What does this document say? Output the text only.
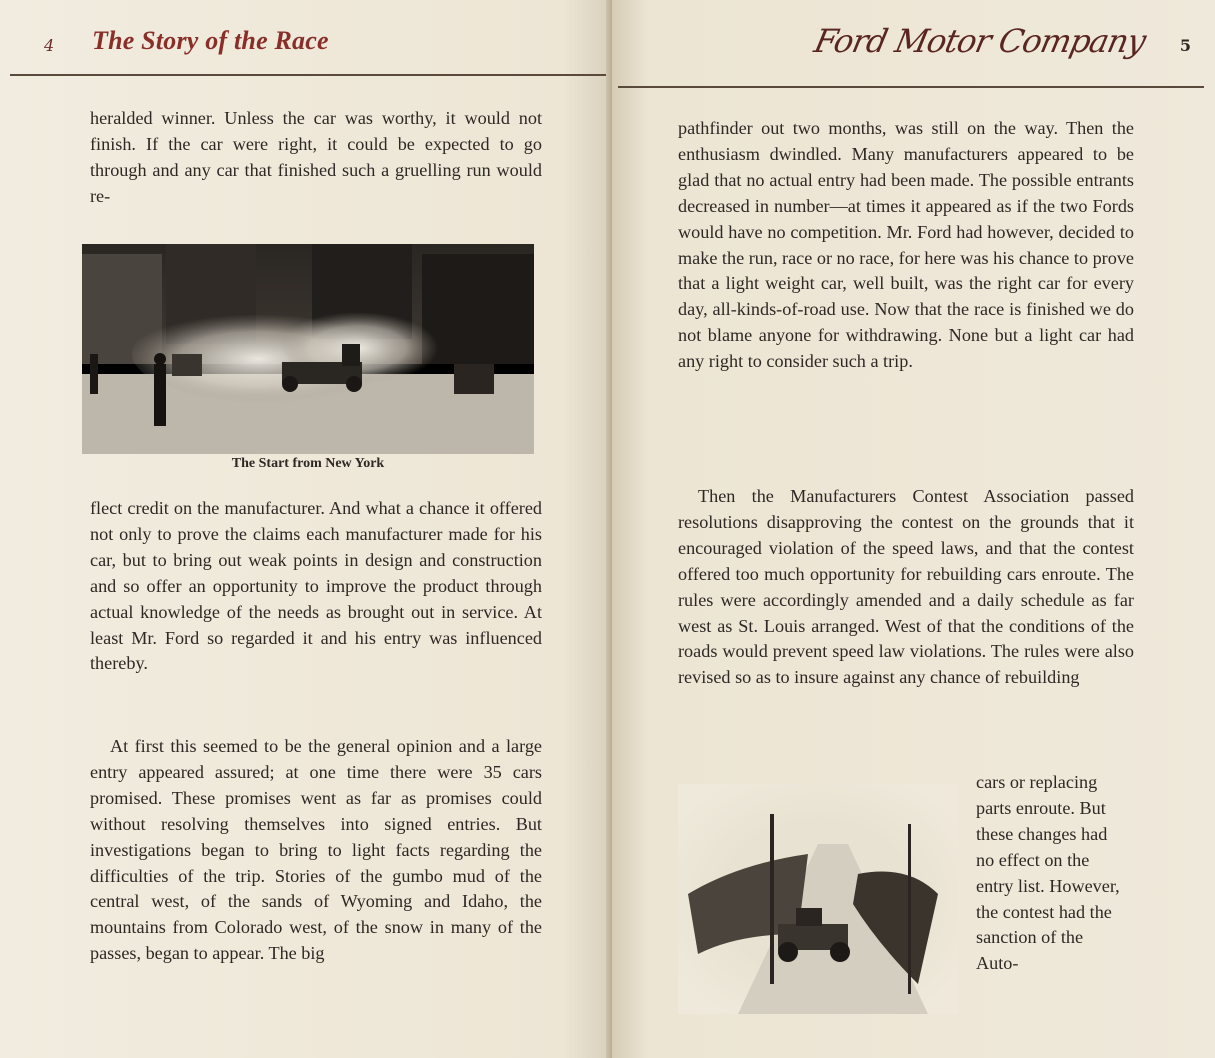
4 The Story of the Race

heralded winner. Unless the car was worthy, it would not finish. If the car were right, it could be expected to go through and any car that finished such a gruelling run would re-

The Start from New York

flect credit on the manufacturer. And what a chance it offered not only to prove the claims each manufacturer made for his car, but to bring out weak points in design and construction and so offer an opportunity to improve the product through actual knowledge of the needs as brought out in service. At least Mr. Ford so regarded it and his entry was influenced thereby.

At first this seemed to be the general opinion and a large entry appeared assured; at one time there were 35 cars promised. These promises went as far as promises could without resolving themselves into signed entries. But investigations began to bring to light facts regarding the difficulties of the trip. Stories of the gumbo mud of the central west, of the sands of Wyoming and Idaho, the mountains from Colorado west, of the snow in many of the passes, began to appear. The big

Ford Motor Company 5

pathfinder out two months, was still on the way. Then the enthusiasm dwindled. Many manufacturers appeared to be glad that no actual entry had been made. The possible entrants decreased in number—at times it appeared as if the two Fords would have no competition. Mr. Ford had however, decided to make the run, race or no race, for here was his chance to prove that a light weight car, well built, was the right car for every day, all-kinds-of-road use. Now that the race is finished we do not blame anyone for withdrawing. None but a light car had any right to consider such a trip.

Then the Manufacturers Contest Association passed resolutions disapproving the contest on the grounds that it encouraged violation of the speed laws, and that the contest offered too much opportunity for rebuilding cars enroute. The rules were accordingly amended and a daily schedule as far west as St. Louis arranged. West of that the conditions of the roads would prevent speed law violations. The rules were also revised so as to insure against any chance of rebuilding

cars or replacing parts enroute. But these changes had no effect on the entry list. However, the contest had the sanction of the Auto-
